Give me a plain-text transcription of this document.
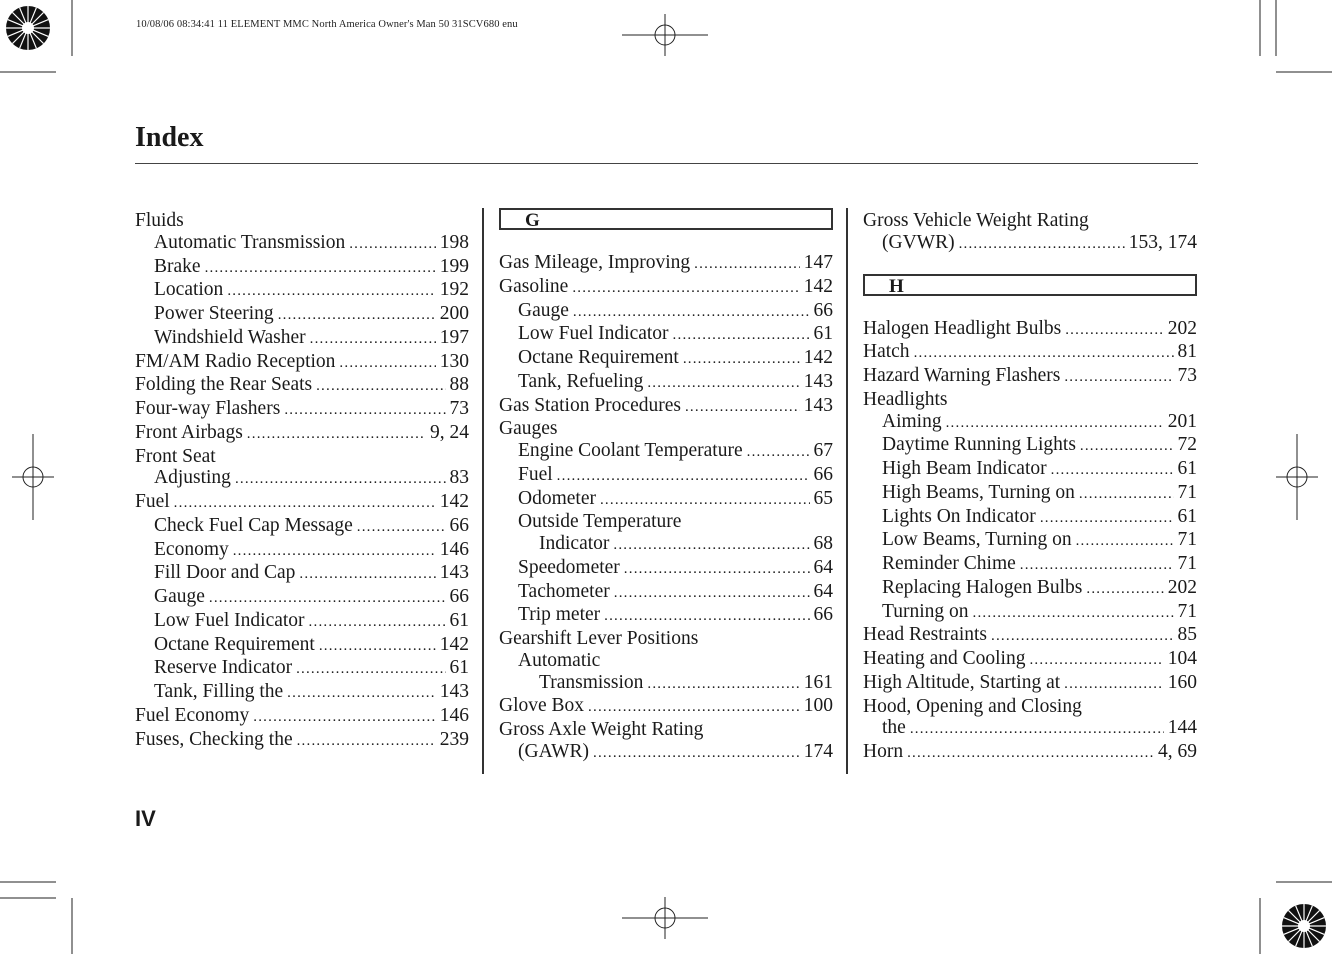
10/08/06 08:34:41 11 ELEMENT MMC North America Owner's Man 50 31SCV680 enu
Index
Fluids
Automatic Transmission .....	198
Brake .....	199
Location .....	192
Power Steering .....	200
Windshield Washer .....	197
FM/AM Radio Reception .....	130
Folding the Rear Seats .....	88
Four-way Flashers .....	73
Front Airbags .....	9, 24
Front Seat
Adjusting .....	83
Fuel .....	142
Check Fuel Cap Message .....	66
Economy .....	146
Fill Door and Cap .....	143
Gauge .....	66
Low Fuel Indicator .....	61
Octane Requirement .....	142
Reserve Indicator .....	61
Tank, Filling the .....	143
Fuel Economy .....	146
Fuses, Checking the .....	239
G
Gas Mileage, Improving .....	147
Gasoline .....	142
Gauge .....	66
Low Fuel Indicator .....	61
Octane Requirement .....	142
Tank, Refueling .....	143
Gas Station Procedures .....	143
Gauges
Engine Coolant Temperature .....	67
Fuel .....	66
Odometer .....	65
Outside Temperature
Indicator .....	68
Speedometer .....	64
Tachometer .....	64
Trip meter .....	66
Gearshift Lever Positions
Automatic
Transmission .....	161
Glove Box .....	100
Gross Axle Weight Rating
(GAWR) .....	174
Gross Vehicle Weight Rating
(GVWR) .....	153, 174
H
Halogen Headlight Bulbs .....	202
Hatch .....	81
Hazard Warning Flashers .....	73
Headlights
Aiming .....	201
Daytime Running Lights .....	72
High Beam Indicator .....	61
High Beams, Turning on .....	71
Lights On Indicator .....	61
Low Beams, Turning on .....	71
Reminder Chime .....	71
Replacing Halogen Bulbs .....	202
Turning on .....	71
Head Restraints .....	85
Heating and Cooling .....	104
High Altitude, Starting at .....	160
Hood, Opening and Closing
the .....	144
Horn .....	4, 69
IV
